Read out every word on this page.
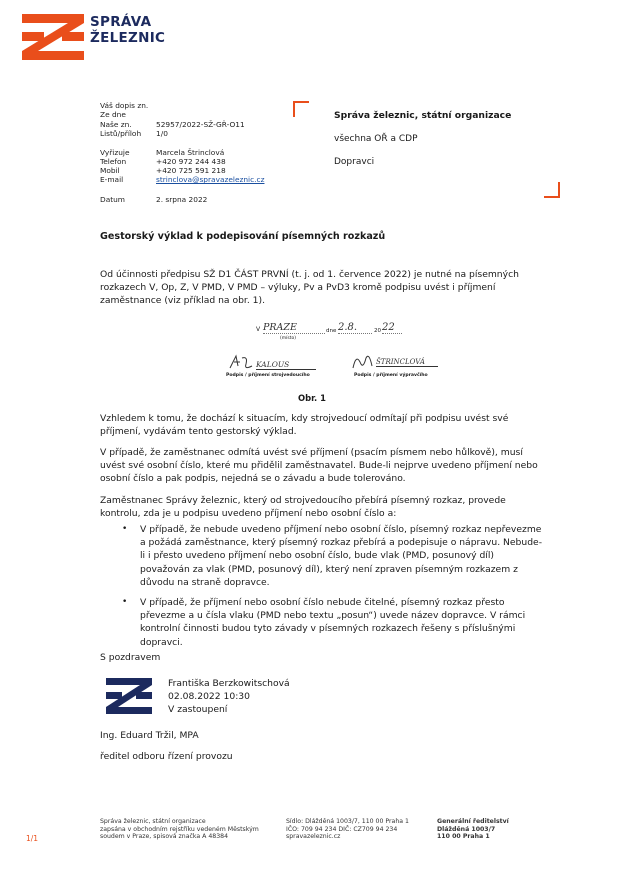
SPRÁVA
ŽELEZNIC
Váš dopis zn.
Ze dne
Naše zn.	52957/2022-SŽ-GŘ-O11
Listů/příloh 1/0
Vyřizuje	Marcela Štrinclová
Telefon	+420 972 244 438
Mobil	+420 725 591 218
E-mail	strinclova@spravazeleznic.cz
Datum	2. srpna 2022
Správa železnic, státní organizace
všechna OŘ a CDP
Dopravci
Gestorský výklad k podepisování písemných rozkazů
Od účinnosti předpisu SŽ D1 ČÁST PRVNÍ (t. j. od 1. července 2022) je nutné na písemných rozkazech V, Op, Z, V PMD, V PMD – výluky, Pv a PvD3 kromě podpisu uvést i příjmení zaměstnance (viz příklad na obr. 1).
V PRAZE
(místo)
dne 2.8.	20 22
KALOUS
Podpis / příjmení strojvedoucího
ŠTRINCLOVÁ
Podpis / příjmení výpravčího
Obr. 1
Vzhledem k tomu, že dochází k situacím, kdy strojvedoucí odmítají při podpisu uvést své příjmení, vydávám tento gestorský výklad.
V případě, že zaměstnanec odmítá uvést své příjmení (psacím písmem nebo hůlkově), musí uvést své osobní číslo, které mu přidělil zaměstnavatel. Bude-li nejprve uvedeno příjmení nebo osobní číslo a pak podpis, nejedná se o závadu a bude tolerováno.
Zaměstnanec Správy železnic, který od strojvedoucího přebírá písemný rozkaz, provede kontrolu, zda je u podpisu uvedeno příjmení nebo osobní číslo a:
•	V případě, že nebude uvedeno příjmení nebo osobní číslo, písemný rozkaz nepřevezme a požádá zaměstnance, který písemný rozkaz přebírá a podepisuje o nápravu. Nebude-li i přesto uvedeno příjmení nebo osobní číslo, bude vlak (PMD, posunový díl) považován za vlak (PMD, posunový díl), který není zpraven písemným rozkazem z důvodu na straně dopravce.
•	V případě, že příjmení nebo osobní číslo nebude čitelné, písemný rozkaz přesto převezme a u čísla vlaku (PMD nebo textu „posun“) uvede název dopravce. V rámci kontrolní činnosti budou tyto závady v písemných rozkazech řešeny s příslušnými dopravci.
S pozdravem
Františka Berzkowitschová
02.08.2022 10:30
V zastoupení
Ing. Eduard Tržil, MPA
ředitel odboru řízení provozu
1/1
Správa železnic, státní organizace
zapsána v obchodním rejstříku vedeném Městským
soudem v Praze, spisová značka A 48384
Sídlo: Dlážděná 1003/7, 110 00 Praha 1
IČO: 709 94 234 DIČ: CZ709 94 234
spravazeleznic.cz
Generální ředitelství
Dlážděná 1003/7
110 00 Praha 1
